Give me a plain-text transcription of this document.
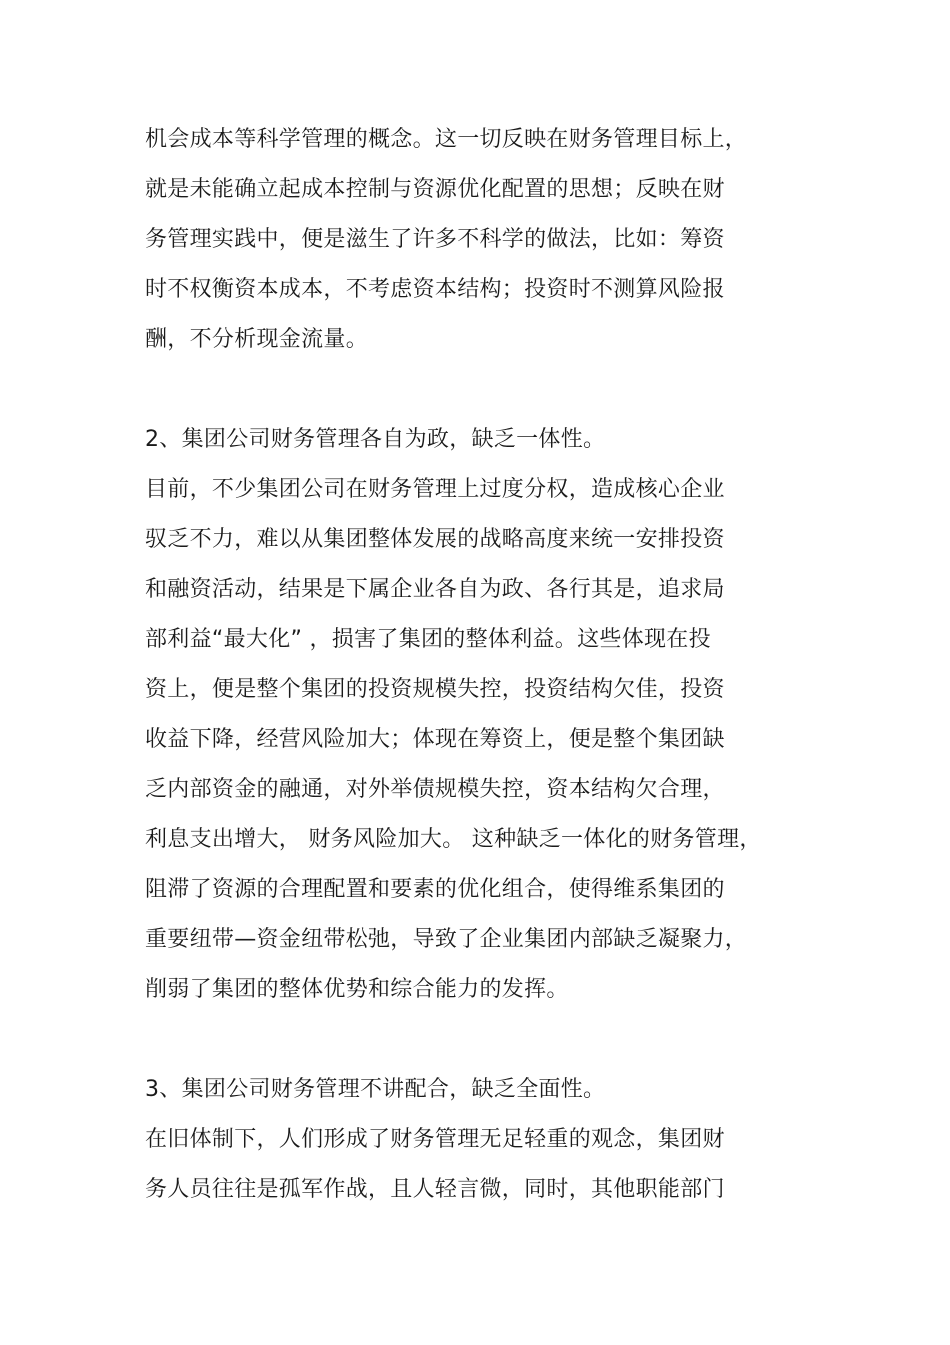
机会成本等科学管理的概念。这一切反映在财务管理目标上，
就是未能确立起成本控制与资源优化配置的思想；反映在财
务管理实践中，便是滋生了许多不科学的做法，比如：筹资
时不权衡资本成本，不考虑资本结构；投资时不测算风险报
酬，不分析现金流量。
2、集团公司财务管理各自为政，缺乏一体性。
目前，不少集团公司在财务管理上过度分权，造成核心企业
驭乏不力，难以从集团整体发展的战略高度来统一安排投资
和融资活动，结果是下属企业各自为政、各行其是，追求局
部利益“最大化” ，损害了集团的整体利益。这些体现在投
资上，便是整个集团的投资规模失控，投资结构欠佳，投资
收益下降，经营风险加大；体现在筹资上，便是整个集团缺
乏内部资金的融通，对外举债规模失控，资本结构欠合理，
利息支出增大， 财务风险加大。 这种缺乏一体化的财务管理，
阻滞了资源的合理配置和要素的优化组合，使得维系集团的
重要纽带—资金纽带松弛，导致了企业集团内部缺乏凝聚力，
削弱了集团的整体优势和综合能力的发挥。
3、集团公司财务管理不讲配合，缺乏全面性。
在旧体制下，人们形成了财务管理无足轻重的观念，集团财
务人员往往是孤军作战，且人轻言微，同时，其他职能部门
